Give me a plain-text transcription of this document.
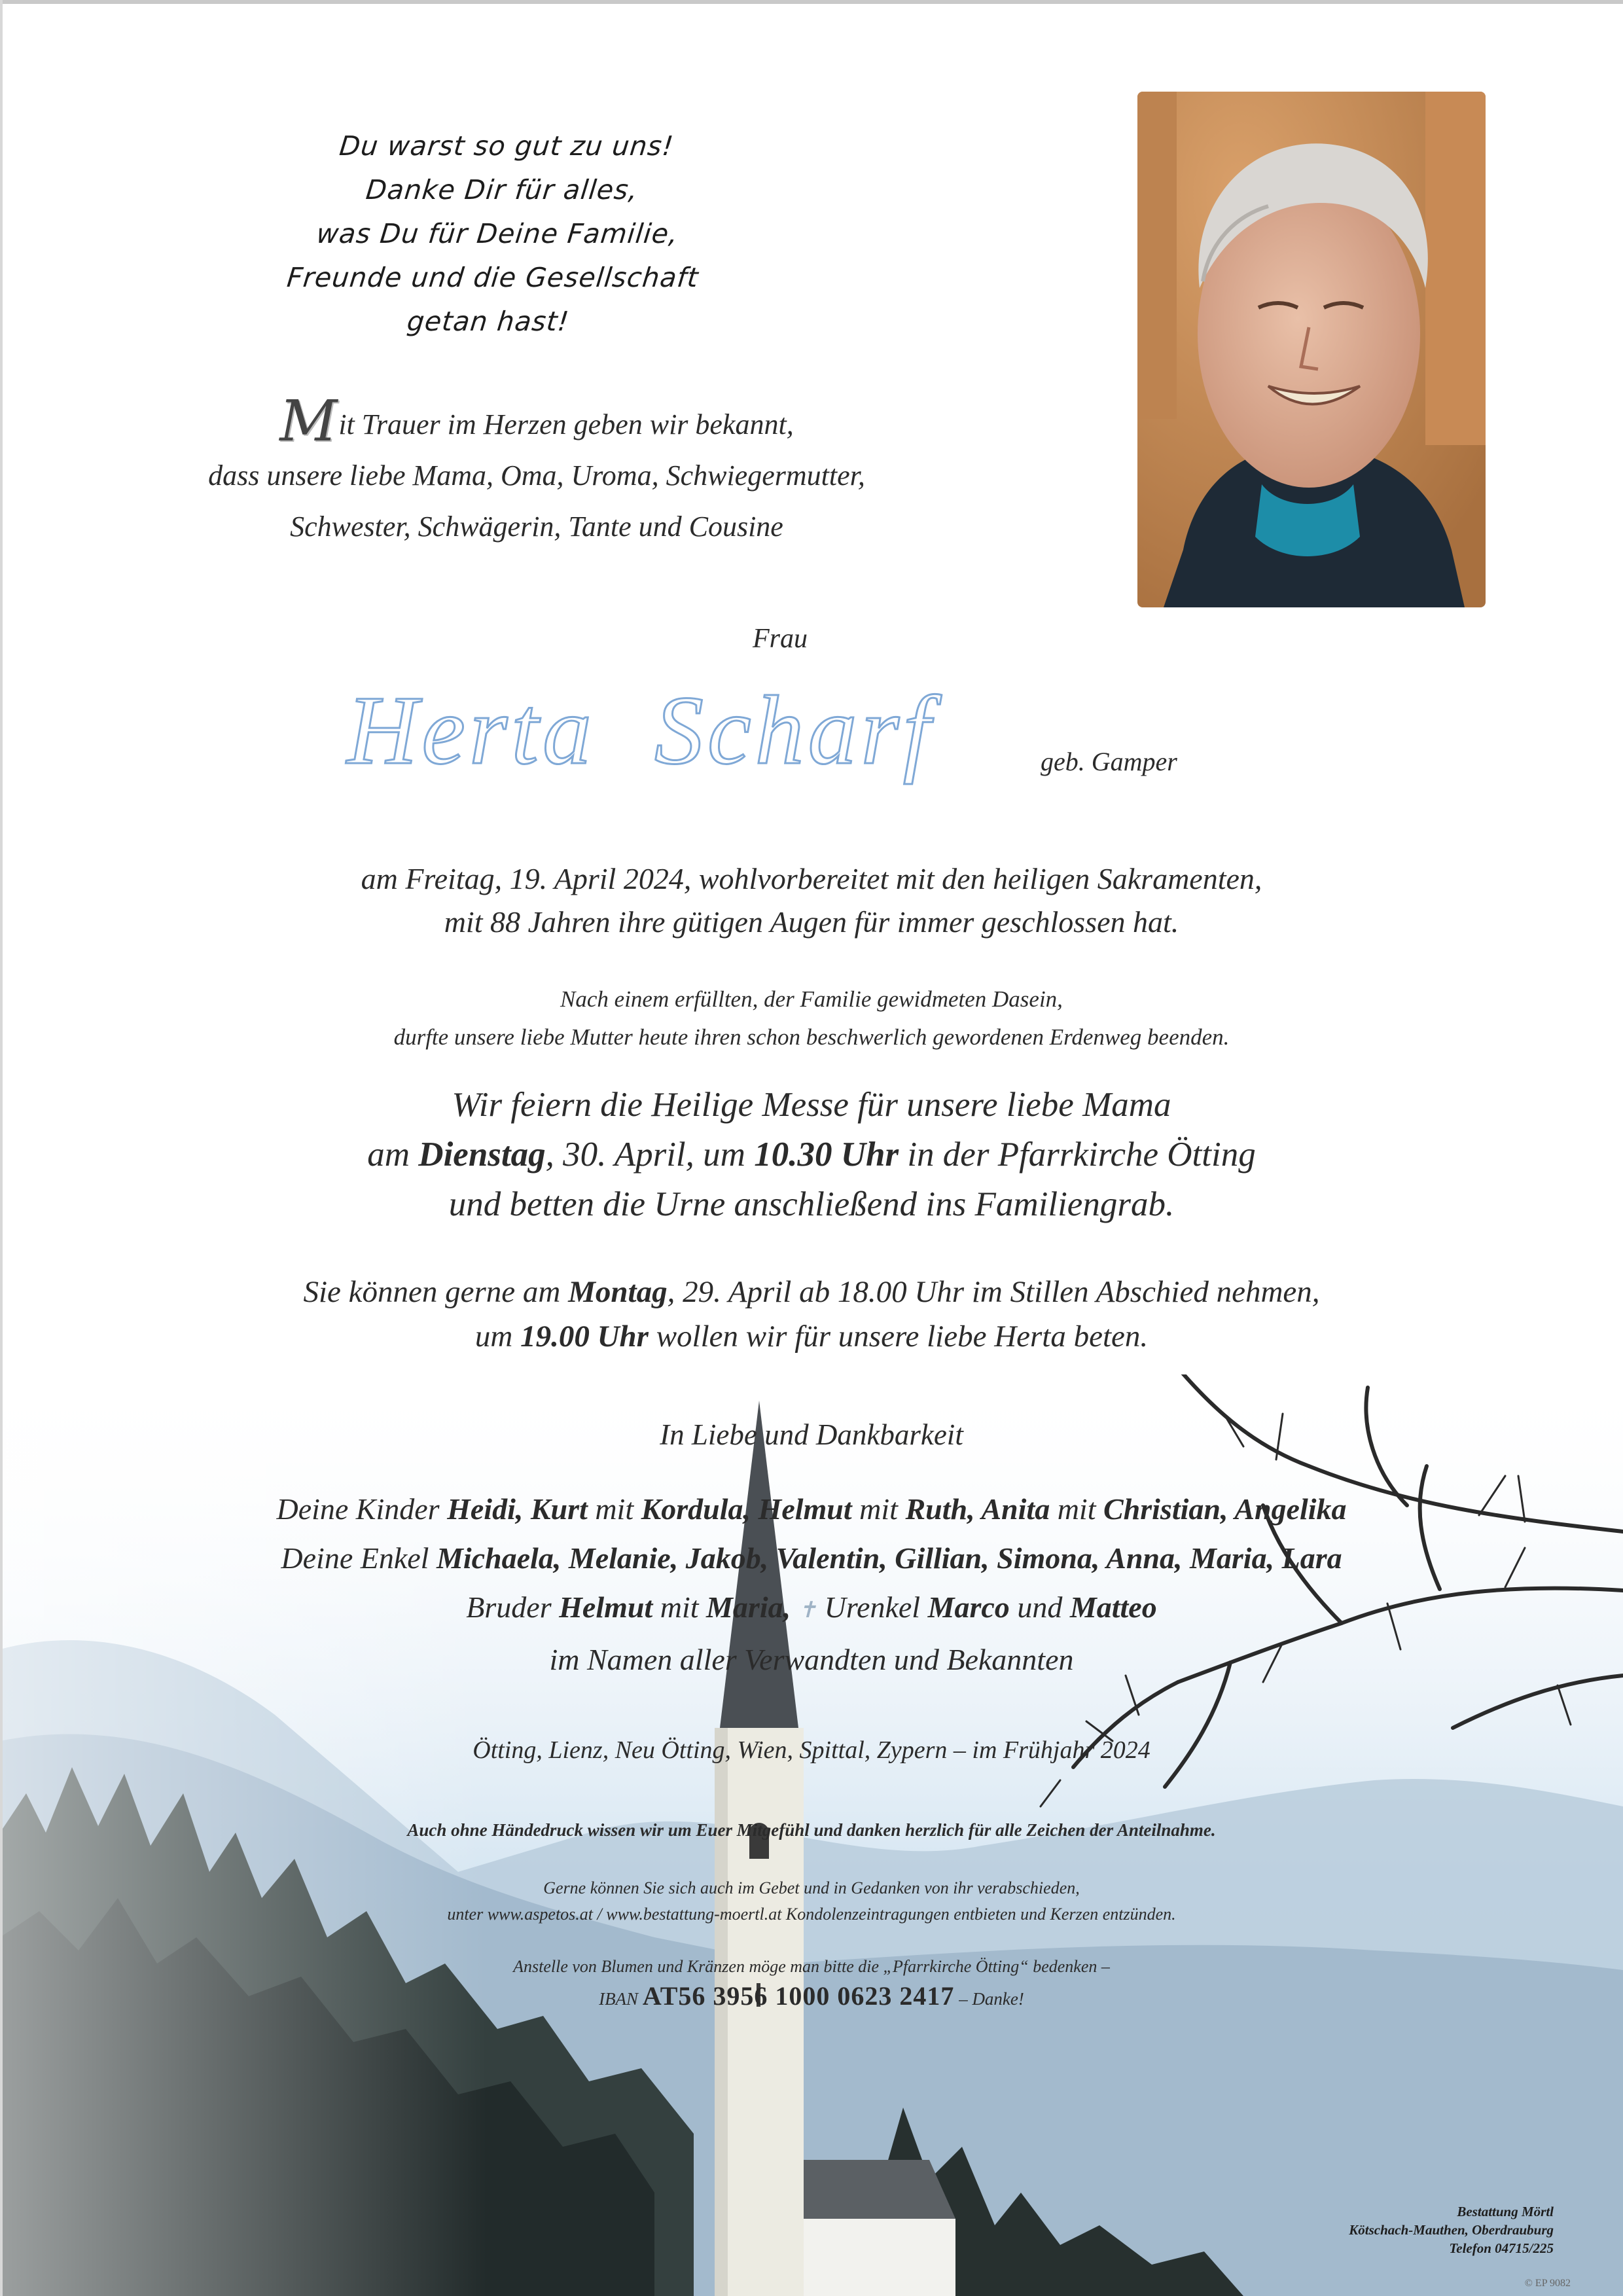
Du warst so gut zu uns!
Danke Dir für alles,
was Du für Deine Familie,
Freunde und die Gesellschaft
getan hast!
Mit Trauer im Herzen geben wir bekannt,
dass unsere liebe Mama, Oma, Uroma, Schwiegermutter,
Schwester, Schwägerin, Tante und Cousine
Frau
Herta Scharf	geb. Gamper
am Freitag, 19. April 2024, wohlvorbereitet mit den heiligen Sakramenten,
mit 88 Jahren ihre gütigen Augen für immer geschlossen hat.
Nach einem erfüllten, der Familie gewidmeten Dasein,
durfte unsere liebe Mutter heute ihren schon beschwerlich gewordenen Erdenweg beenden.
Wir feiern die Heilige Messe für unsere liebe Mama
am Dienstag, 30. April, um 10.30 Uhr in der Pfarrkirche Ötting
und betten die Urne anschließend ins Familiengrab.
Sie können gerne am Montag, 29. April ab 18.00 Uhr im Stillen Abschied nehmen,
um 19.00 Uhr wollen wir für unsere liebe Herta beten.
In Liebe und Dankbarkeit
Deine Kinder Heidi, Kurt mit Kordula, Helmut mit Ruth, Anita mit Christian, Angelika
Deine Enkel Michaela, Melanie, Jakob, Valentin, Gillian, Simona, Anna, Maria, Lara
Bruder Helmut mit Maria, ✝ Urenkel Marco und Matteo
im Namen aller Verwandten und Bekannten
Ötting, Lienz, Neu Ötting, Wien, Spittal, Zypern – im Frühjahr 2024
Auch ohne Händedruck wissen wir um Euer Mitgefühl und danken herzlich für alle Zeichen der Anteilnahme.
Gerne können Sie sich auch im Gebet und in Gedanken von ihr verabschieden,
unter www.aspetos.at / www.bestattung-moertl.at Kondolenzeintragungen entbieten und Kerzen entzünden.
Anstelle von Blumen und Kränzen möge man bitte die „Pfarrkirche Ötting“ bedenken –
IBAN AT56 3956 1000 0623 2417 – Danke!
Bestattung Mörtl
Kötschach-Mauthen, Oberdrauburg
Telefon 04715/225
© EP 9082
